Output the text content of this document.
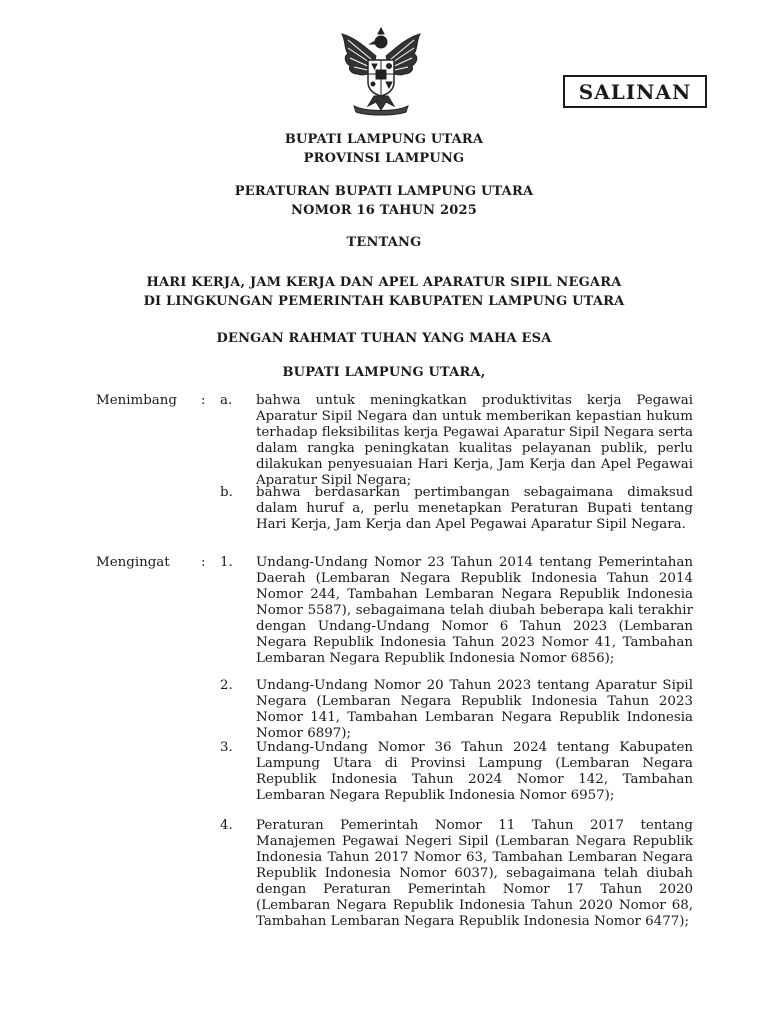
SALINAN
BUPATI LAMPUNG UTARA
PROVINSI LAMPUNG
PERATURAN BUPATI LAMPUNG UTARA
NOMOR 16 TAHUN 2025
TENTANG
HARI KERJA, JAM KERJA DAN APEL APARATUR SIPIL NEGARA
DI LINGKUNGAN PEMERINTAH KABUPATEN LAMPUNG UTARA
DENGAN RAHMAT TUHAN YANG MAHA ESA
BUPATI LAMPUNG UTARA,
Menimbang : a. bahwa untuk meningkatkan produktivitas kerja Pegawai Aparatur Sipil Negara dan untuk memberikan kepastian hukum terhadap fleksibilitas kerja Pegawai Aparatur Sipil Negara serta dalam rangka peningkatan kualitas pelayanan publik, perlu dilakukan penyesuaian Hari Kerja, Jam Kerja dan Apel Pegawai Aparatur Sipil Negara;
b. bahwa berdasarkan pertimbangan sebagaimana dimaksud dalam huruf a, perlu menetapkan Peraturan Bupati tentang Hari Kerja, Jam Kerja dan Apel Pegawai Aparatur Sipil Negara.
Mengingat : 1. Undang-Undang Nomor 23 Tahun 2014 tentang Pemerintahan Daerah (Lembaran Negara Republik Indonesia Tahun 2014 Nomor 244, Tambahan Lembaran Negara Republik Indonesia Nomor 5587), sebagaimana telah diubah beberapa kali terakhir dengan Undang-Undang Nomor 6 Tahun 2023 (Lembaran Negara Republik Indonesia Tahun 2023 Nomor 41, Tambahan Lembaran Negara Republik Indonesia Nomor 6856);
2. Undang-Undang Nomor 20 Tahun 2023 tentang Aparatur Sipil Negara (Lembaran Negara Republik Indonesia Tahun 2023 Nomor 141, Tambahan Lembaran Negara Republik Indonesia Nomor 6897);
3. Undang-Undang Nomor 36 Tahun 2024 tentang Kabupaten Lampung Utara di Provinsi Lampung (Lembaran Negara Republik Indonesia Tahun 2024 Nomor 142, Tambahan Lembaran Negara Republik Indonesia Nomor 6957);
4. Peraturan Pemerintah Nomor 11 Tahun 2017 tentang Manajemen Pegawai Negeri Sipil (Lembaran Negara Republik Indonesia Tahun 2017 Nomor 63, Tambahan Lembaran Negara Republik Indonesia Nomor 6037), sebagaimana telah diubah dengan Peraturan Pemerintah Nomor 17 Tahun 2020 (Lembaran Negara Republik Indonesia Tahun 2020 Nomor 68, Tambahan Lembaran Negara Republik Indonesia Nomor 6477);
